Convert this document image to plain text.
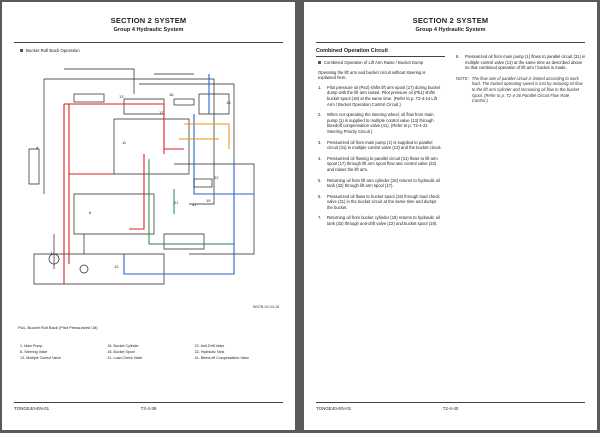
SECTION 2 SYSTEM
Group 4 Hydraulic System
Bucket Roll Back Operation
13
17
4
18
8
16
11
1
21	41
19
22
12
WG7B-02-04-18
Pa1- Bucket Roll Back (Pilot Pressurized Oil)
1- Main Pump	16- Bucket Cylinder	22- Anti-Drift Valve
8- Steering Valve	18- Bucket Spool	32- Hydraulic Tank
13- Multiple Control Valve	21- Load Check Valve	41- Bleed-off Compensation Valve
TONGE40-EN-01	T2-4-39
SECTION 2 SYSTEM
Group 4 Hydraulic System
Combined Operation Circuit

Combined Operation of Lift Arm Raise / Bucket Dump

Operating the lift arm and bucket circuit without steering is explained here.

1.	Pilot pressure oil (Pa2) shifts lift arm spool (17) during bucket dump with the lift arm raised. Pilot pressure oil (Pb1) shifts bucket spool (19) at the same time. (Refer to p. T2-4-14 Lift Arm / Bucket Operation Control Circuit.)
2.	When not operating the steering wheel, oil flow from main pump (1) is supplied to multiple control valve (13) through bleedoff compensation valve (41). (Refer to p. T2-4-22 Steering Priority Circuit.)
3.	Pressurized oil from main pump (1) is supplied to parallel circuit (31) in multiple control valve (13) and the bucket circuit.
4.	Pressurized oil flowing to parallel circuit (31) flows to lift arm spool (17) through lift arm spool flow rate control valve (23) and raises the lift arm.
5.	Returning oil from lift arm cylinder (16) returns to hydraulic oil tank (32) through lift arm spool (17).
6.	Pressurized oil flows to bucket spool (19) through load check valve (21) in the bucket circuit at the same time and dumps the bucket.
7.	Returning oil from bucket cylinder (18) returns to hydraulic oil tank (32) through anti-drift valve (22) and bucket spool (19).
8.	Pressurized oil from main pump (1) flows to parallel circuit (31) in multiple control valve (13) at the same time as described above so that combined operation of lift arm / bucket is made.
NOTE: The flow rate of parallel circuit is limited according to work load. The bucket operating speed is lost by reducing oil flow to the lift arm cylinder and increasing oil flow to the bucket spool. (Refer to p. T2-4-36 Parallel Circuit Flow Rate Control.)
TONGE40-EN-01	T2-4-40
